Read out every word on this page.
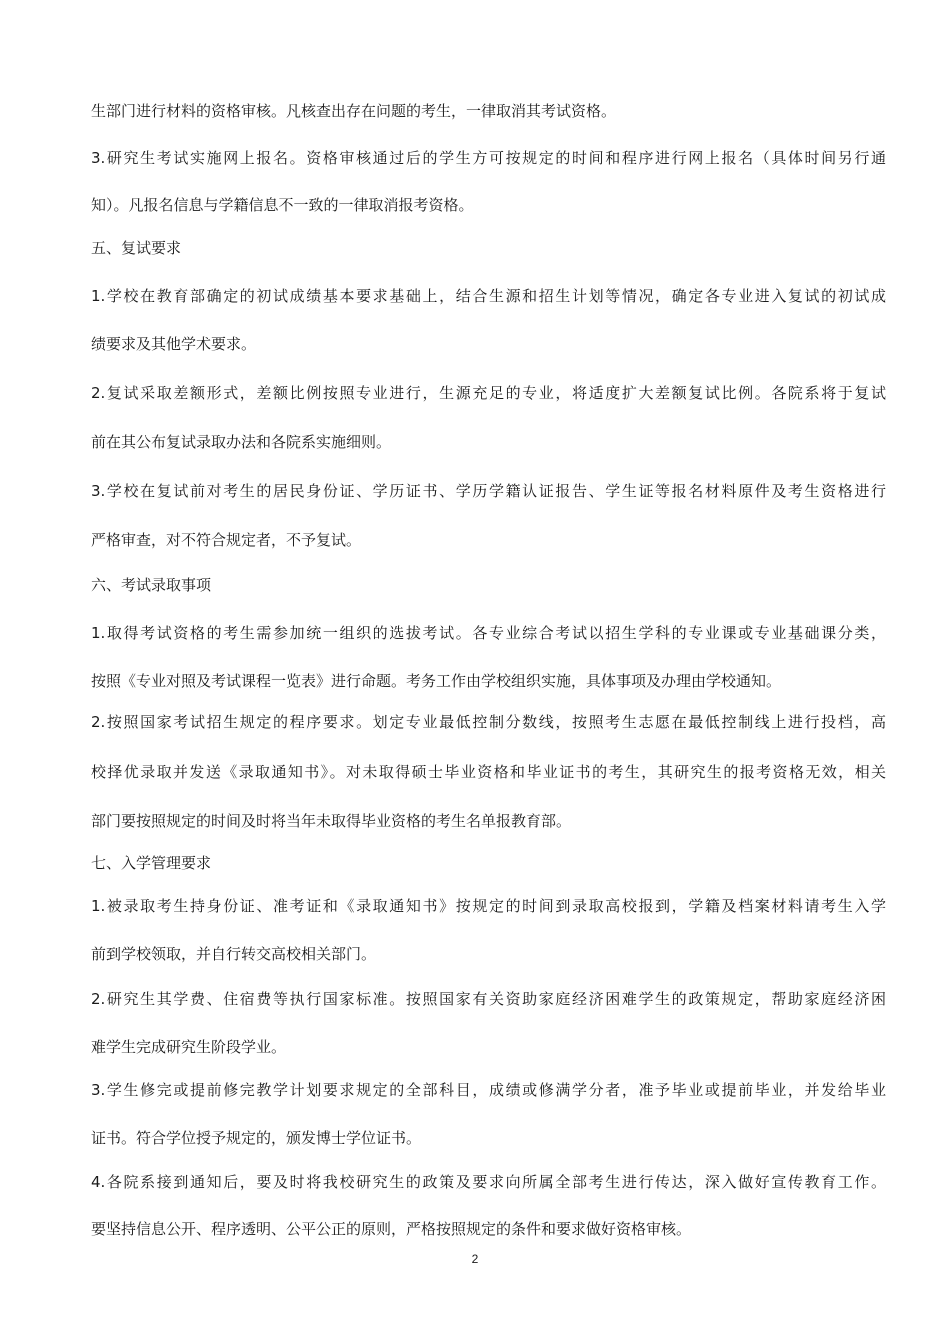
生部门进行材料的资格审核。凡核查出存在问题的考生，一律取消其考试资格。
3.研究生考试实施网上报名。资格审核通过后的学生方可按规定的时间和程序进行网上报名（具体时间另行通
知）。凡报名信息与学籍信息不一致的一律取消报考资格。
五、复试要求
1.学校在教育部确定的初试成绩基本要求基础上，结合生源和招生计划等情况，确定各专业进入复试的初试成
绩要求及其他学术要求。
2.复试采取差额形式，差额比例按照专业进行，生源充足的专业，将适度扩大差额复试比例。各院系将于复试
前在其公布复试录取办法和各院系实施细则。
3.学校在复试前对考生的居民身份证、学历证书、学历学籍认证报告、学生证等报名材料原件及考生资格进行
严格审查，对不符合规定者，不予复试。
六、考试录取事项
1.取得考试资格的考生需参加统一组织的选拔考试。各专业综合考试以招生学科的专业课或专业基础课分类，
按照《专业对照及考试课程一览表》进行命题。考务工作由学校组织实施，具体事项及办理由学校通知。
2.按照国家考试招生规定的程序要求。划定专业最低控制分数线，按照考生志愿在最低控制线上进行投档，高
校择优录取并发送《录取通知书》。对未取得硕士毕业资格和毕业证书的考生，其研究生的报考资格无效，相关
部门要按照规定的时间及时将当年未取得毕业资格的考生名单报教育部。
七、入学管理要求
1.被录取考生持身份证、准考证和《录取通知书》按规定的时间到录取高校报到，学籍及档案材料请考生入学
前到学校领取，并自行转交高校相关部门。
2.研究生其学费、住宿费等执行国家标准。按照国家有关资助家庭经济困难学生的政策规定，帮助家庭经济困
难学生完成研究生阶段学业。
3.学生修完或提前修完教学计划要求规定的全部科目，成绩或修满学分者，准予毕业或提前毕业，并发给毕业
证书。符合学位授予规定的，颁发博士学位证书。
4.各院系接到通知后，要及时将我校研究生的政策及要求向所属全部考生进行传达，深入做好宣传教育工作。
要坚持信息公开、程序透明、公平公正的原则，严格按照规定的条件和要求做好资格审核。
2
